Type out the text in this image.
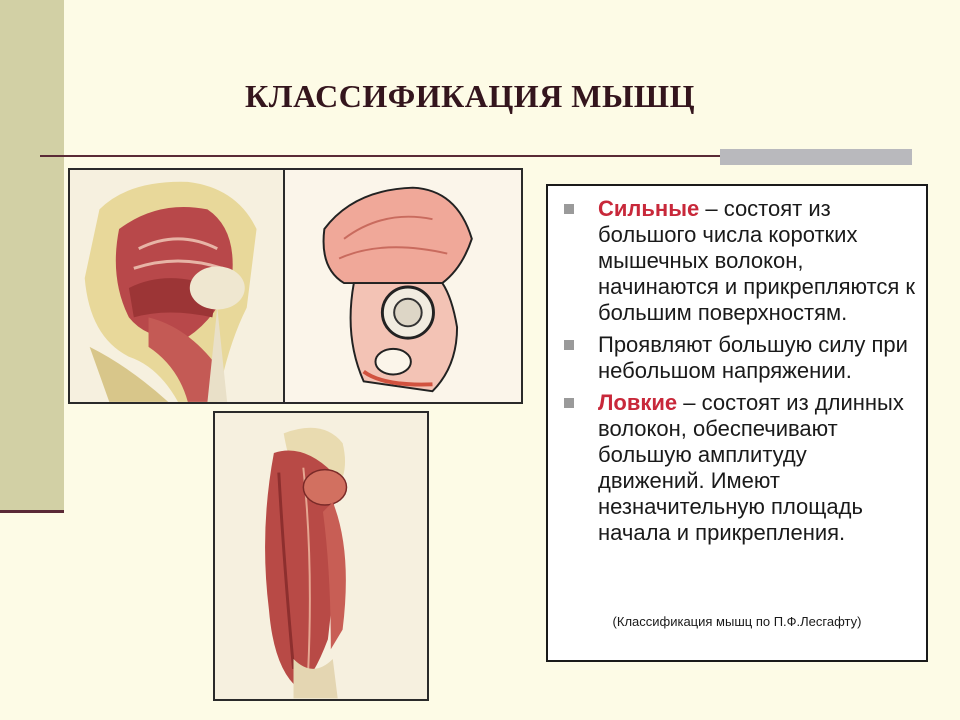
КЛАССИФИКАЦИЯ МЫШЦ
Сильные – состоят из большого числа коротких мышечных волокон, начинаются и прикрепляются к большим поверхностям.
Проявляют большую силу при небольшом напряжении.
Ловкие – состоят из длинных волокон, обеспечивают большую амплитуду движений. Имеют незначительную площадь начала и прикрепления.
(Классификация мышц по П.Ф.Лесгафту)
